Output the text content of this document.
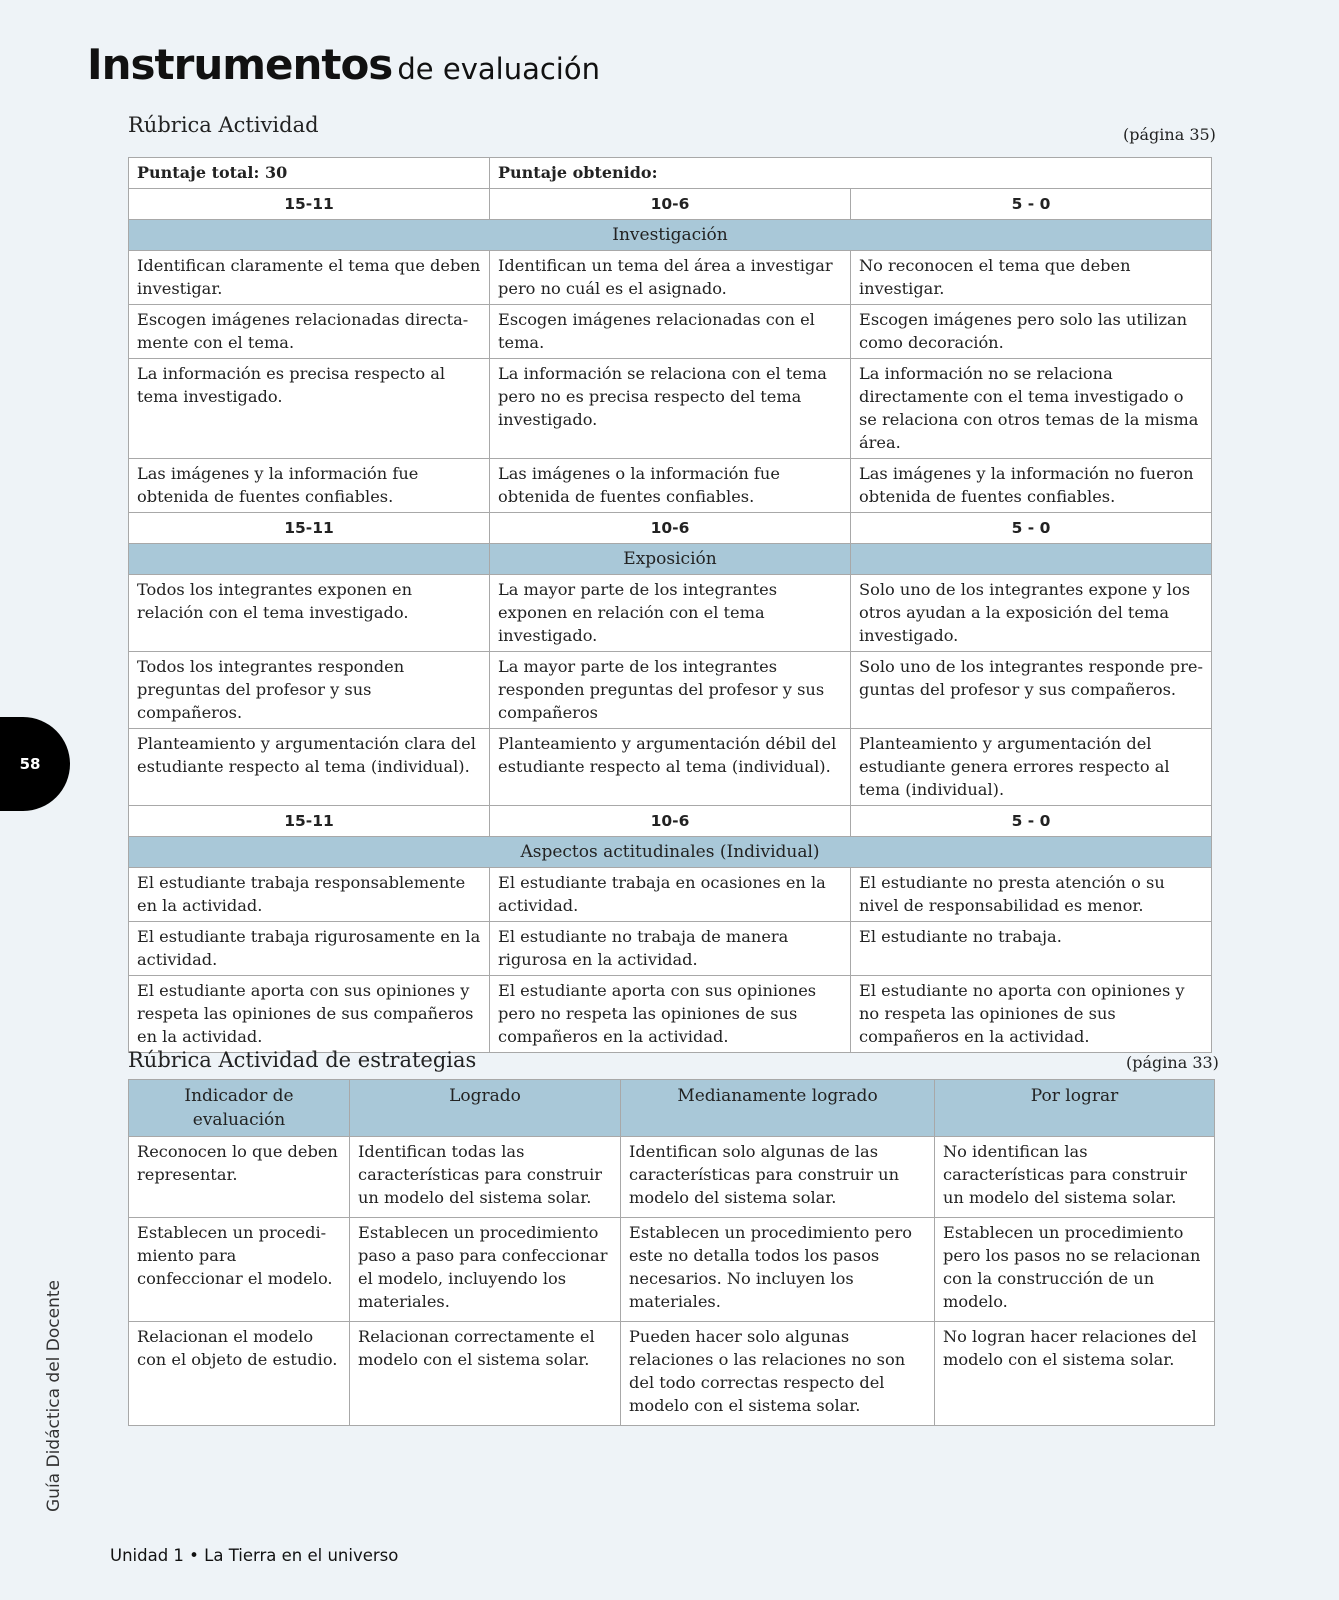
Instrumentos de evaluación
Rúbrica Actividad	(página 35)
Puntaje total: 30	Puntaje obtenido:	
15-11	10-6	5 - 0
Investigación		
Identifican claramente el tema que deben investigar.	Identifican un tema del área a investigar pero no cuál es el asignado.	No reconocen el tema que deben investigar.
Escogen imágenes relacionadas directamente con el tema.	Escogen imágenes relacionadas con el tema.	Escogen imágenes pero solo las utilizan como decoración.
La información es precisa respecto al tema investigado.	La información se relaciona con el tema pero no es precisa respecto del tema investigado.	La información no se relaciona directamente con el tema investigado o se relaciona con otros temas de la misma área.
Las imágenes y la información fue obtenida de fuentes confiables.	Las imágenes o la información fue obtenida de fuentes confiables.	Las imágenes y la información no fueron obtenida de fuentes confiables.
15-11	10-6	5 - 0
	Exposición	
Todos los integrantes exponen en relación con el tema investigado.	La mayor parte de los integrantes exponen en relación con el tema investigado.	Solo uno de los integrantes expone y los otros ayudan a la exposición del tema investigado.
Todos los integrantes responden preguntas del profesor y sus compañeros.	La mayor parte de los integrantes responden preguntas del profesor y sus compañeros	Solo uno de los integrantes responde preguntas del profesor y sus compañeros.
Planteamiento y argumentación clara del estudiante respecto al tema (individual).	Planteamiento y argumentación débil del estudiante respecto al tema (individual).	Planteamiento y argumentación del estudiante genera errores respecto al tema (individual).
15-11	10-6	5 - 0
Aspectos actitudinales (Individual)		
El estudiante trabaja responsablemente en la actividad.	El estudiante trabaja en ocasiones en la actividad.	El estudiante no presta atención o su nivel de responsabilidad es menor.
El estudiante trabaja rigurosamente en la actividad.	El estudiante no trabaja de manera rigurosa en la actividad.	El estudiante no trabaja.
El estudiante aporta con sus opiniones y respeta las opiniones de sus compañeros en la actividad.	El estudiante aporta con sus opiniones pero no respeta las opiniones de sus compañeros en la actividad.	El estudiante no aporta con opiniones y no respeta las opiniones de sus compañeros en la actividad.
Rúbrica Actividad de estrategias	(página 33)
Indicador de evaluación	Logrado	Medianamente logrado	Por lograr
Reconocen lo que deben representar.	Identifican todas las características para construir un modelo del sistema solar.	Identifican solo algunas de las características para construir un modelo del sistema solar.	No identifican las características para construir un modelo del sistema solar.
Establecen un procedimiento para confeccionar el modelo.	Establecen un procedimiento paso a paso para confeccionar el modelo, incluyendo los materiales.	Establecen un procedimiento pero este no detalla todos los pasos necesarios. No incluyen los materiales.	Establecen un procedimiento pero los pasos no se relacionan con la construcción de un modelo.
Relacionan el modelo con el objeto de estudio.	Relacionan correctamente el modelo con el sistema solar.	Pueden hacer solo algunas relaciones o las relaciones no son del todo correctas respecto del modelo con el sistema solar.	No logran hacer relaciones del modelo con el sistema solar.
58
Guía Didáctica del Docente
Unidad 1 • La Tierra en el universo
